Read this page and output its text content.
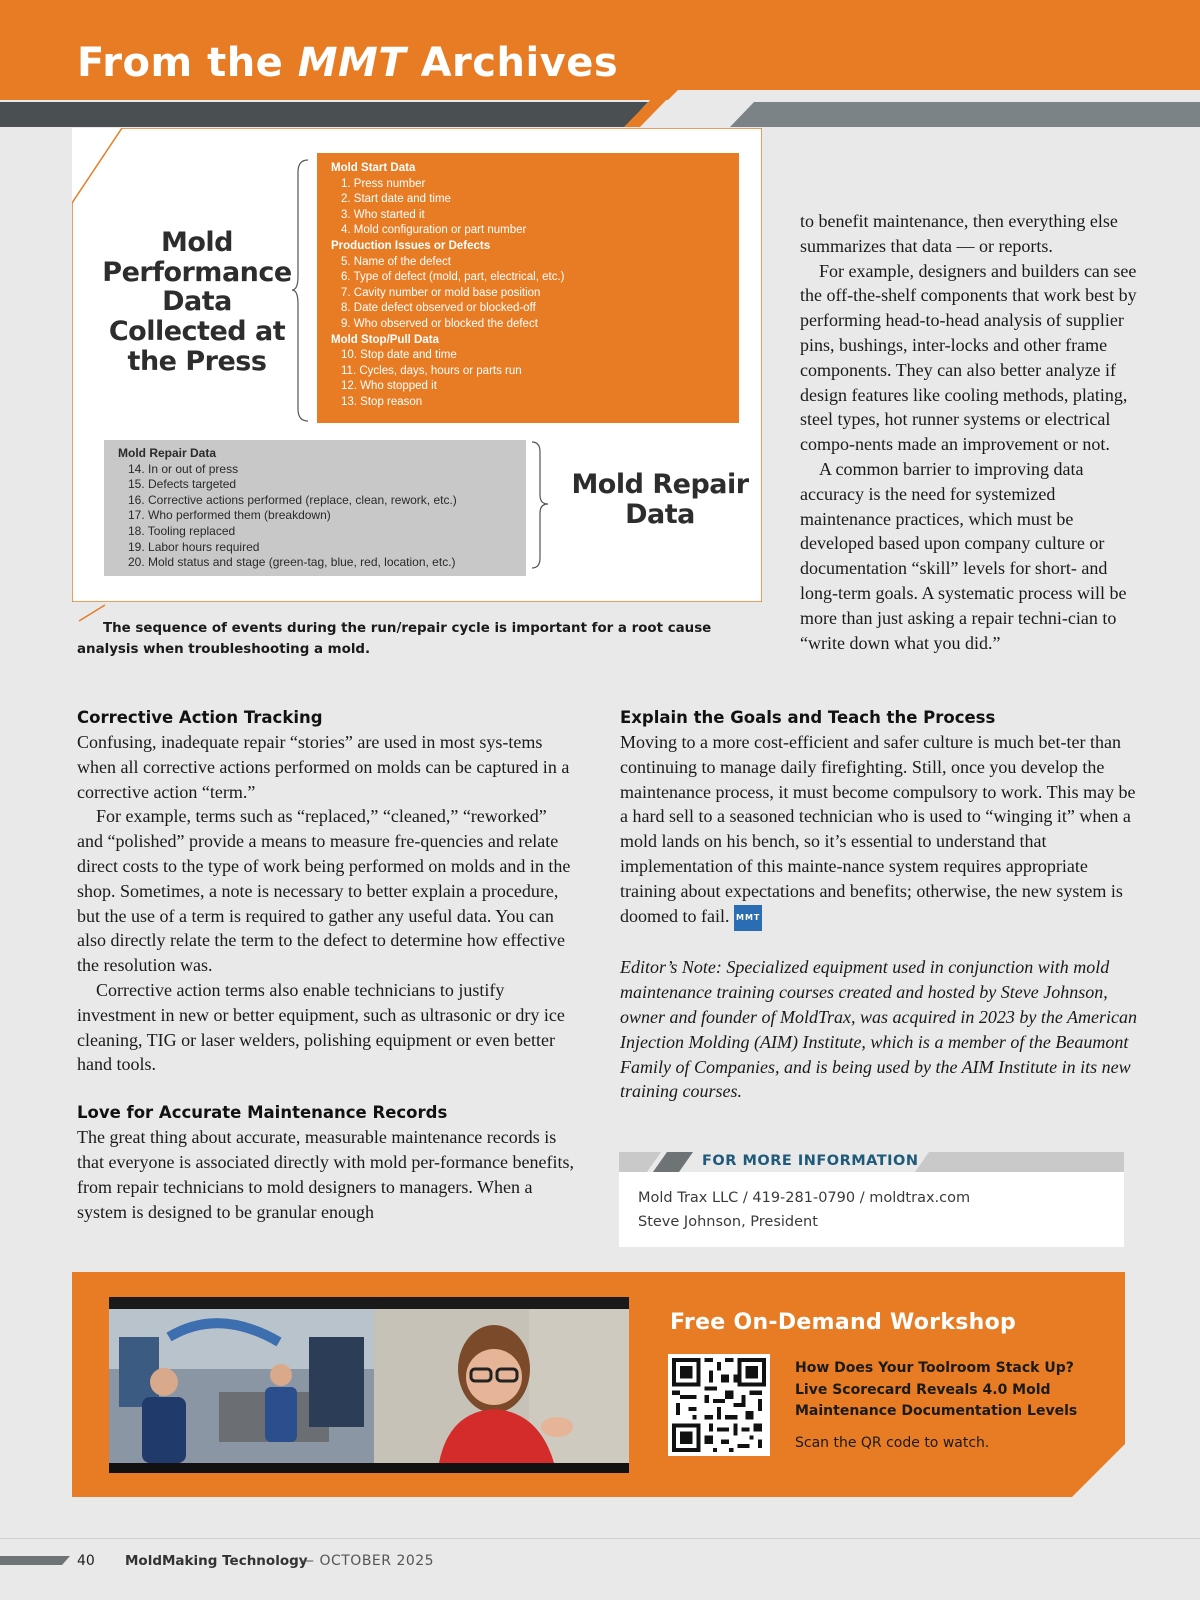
From the MMT Archives
Mold Performance Data Collected at the Press
Mold Start Data
1. Press number
2. Start date and time
3. Who started it
4. Mold configuration or part number
Production Issues or Defects
5. Name of the defect
6. Type of defect (mold, part, electrical, etc.)
7. Cavity number or mold base position
8. Date defect observed or blocked-off
9. Who observed or blocked the defect
Mold Stop/Pull Data
10. Stop date and time
11. Cycles, days, hours or parts run
12. Who stopped it
13. Stop reason
Mold Repair Data
14. In or out of press
15. Defects targeted
16. Corrective actions performed (replace, clean, rework, etc.)
17. Who performed them (breakdown)
18. Tooling replaced
19. Labor hours required
20. Mold status and stage (green-tag, blue, red, location, etc.)
Mold Repair Data
The sequence of events during the run/repair cycle is important for a root cause analysis when troubleshooting a mold.

to benefit maintenance, then everything else summarizes that data — or reports.

For example, designers and builders can see the off-the-shelf components that work best by performing head-to-head analysis of supplier pins, bushings, inter-locks and other frame components. They can also better analyze if design features like cooling methods, plating, steel types, hot runner systems or electrical compo-nents made an improvement or not.

A common barrier to improving data accuracy is the need for systemized maintenance practices, which must be developed based upon company culture or documentation “skill” levels for short- and long-term goals. A systematic process will be more than just asking a repair techni-cian to “write down what you did.”

Corrective Action Tracking

Confusing, inadequate repair “stories” are used in most sys-tems when all corrective actions performed on molds can be captured in a corrective action “term.”

For example, terms such as “replaced,” “cleaned,” “reworked” and “polished” provide a means to measure fre-quencies and relate direct costs to the type of work being performed on molds and in the shop. Sometimes, a note is necessary to better explain a procedure, but the use of a term is required to gather any useful data. You can also directly relate the term to the defect to determine how effective the resolution was.

Corrective action terms also enable technicians to justify investment in new or better equipment, such as ultrasonic or dry ice cleaning, TIG or laser welders, polishing equipment or even better hand tools.

Love for Accurate Maintenance Records

The great thing about accurate, measurable maintenance records is that everyone is associated directly with mold per-formance benefits, from repair technicians to mold designers to managers. When a system is designed to be granular enough

Explain the Goals and Teach the Process

Moving to a more cost-efficient and safer culture is much bet-ter than continuing to manage daily firefighting. Still, once you develop the maintenance process, it must become compulsory to work. This may be a hard sell to a seasoned technician who is used to “winging it” when a mold lands on his bench, so it’s essential to understand that implementation of this mainte-nance system requires appropriate training about expectations and benefits; otherwise, the new system is doomed to fail. MMT

Editor’s Note: Specialized equipment used in conjunction with mold maintenance training courses created and hosted by Steve Johnson, owner and founder of MoldTrax, was acquired in 2023 by the American Injection Molding (AIM) Institute, which is a member of the Beaumont Family of Companies, and is being used by the AIM Institute in its new training courses.

FOR MORE INFORMATION
Mold Trax LLC / 419-281-0790 / moldtrax.com
Steve Johnson, President
Free On-Demand Workshop
How Does Your Toolroom Stack Up? Live Scorecard Reveals 4.0 Mold Maintenance Documentation Levels
Scan the QR code to watch.
40 MoldMaking Technology
— OCTOBER 2025
